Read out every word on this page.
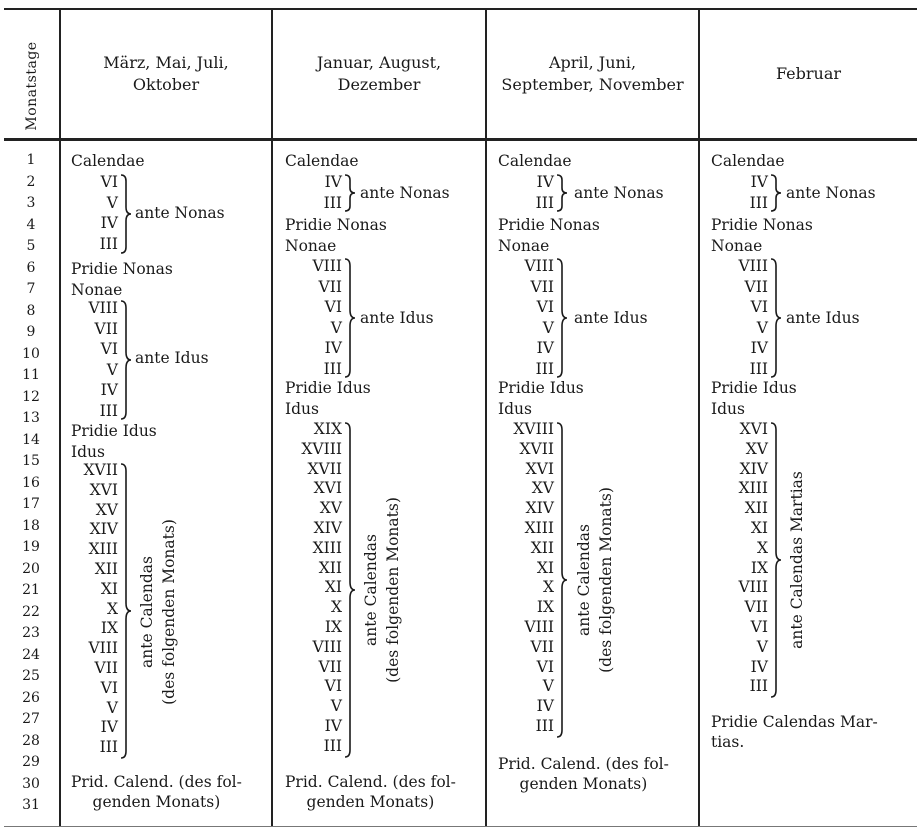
Monatstage	März, Mai, Juli,
Oktober
Januar, August,
Dezember
April, Juni,
September, November
Februar
1
2
3
4
5
6
7
8
9
10
11
12
13
14
15
16
17
18
19
20
21
22
23
24
25
26
27
28
29
30
31
Calendae
VI
V
IV
III
ante Nonas
Pridie Nonas
Nonae
VIII
VII
VI
V
IV
III
ante Idus
Pridie Idus
Idus
XVII
XVI
XV
XIV
XIII
XII
XI
X
IX
VIII
VII
VI
V
IV
III
ante Calendas (des folgenden Monats)
Prid. Calend. (des fol-
genden Monats)
Calendae
IV
III
ante Nonas
Pridie Nonas
Nonae
VIII
VII
VI
V
IV
III
ante Idus
Pridie Idus
Idus
XIX
XVIII
XVII
XVI
XV
XIV
XIII
XII
XI
X
IX
VIII
VII
VI
V
IV
III
ante Calendas (des folgenden Monats)
Prid. Calend. (des fol-
genden Monats)
Calendae
IV
III
ante Nonas
Pridie Nonas
Nonae
VIII
VII
VI
V
IV
III
ante Idus
Pridie Idus
Idus
XVIII
XVII
XVI
XV
XIV
XIII
XII
XI
X
IX
VIII
VII
VI
V
IV
III
ante Calendas (des folgenden Monats)
Prid. Calend. (des fol-
genden Monats)
Calendae
IV
III
ante Nonas
Pridie Nonas
Nonae
VIII
VII
VI
V
IV
III
ante Idus
Pridie Idus
Idus
XVI
XV
XIV
XIII
XII
XI
X
IX
VIII
VII
VI
V
IV
III
ante Calendas Martias
Pridie Calendas Mar-
tias.
